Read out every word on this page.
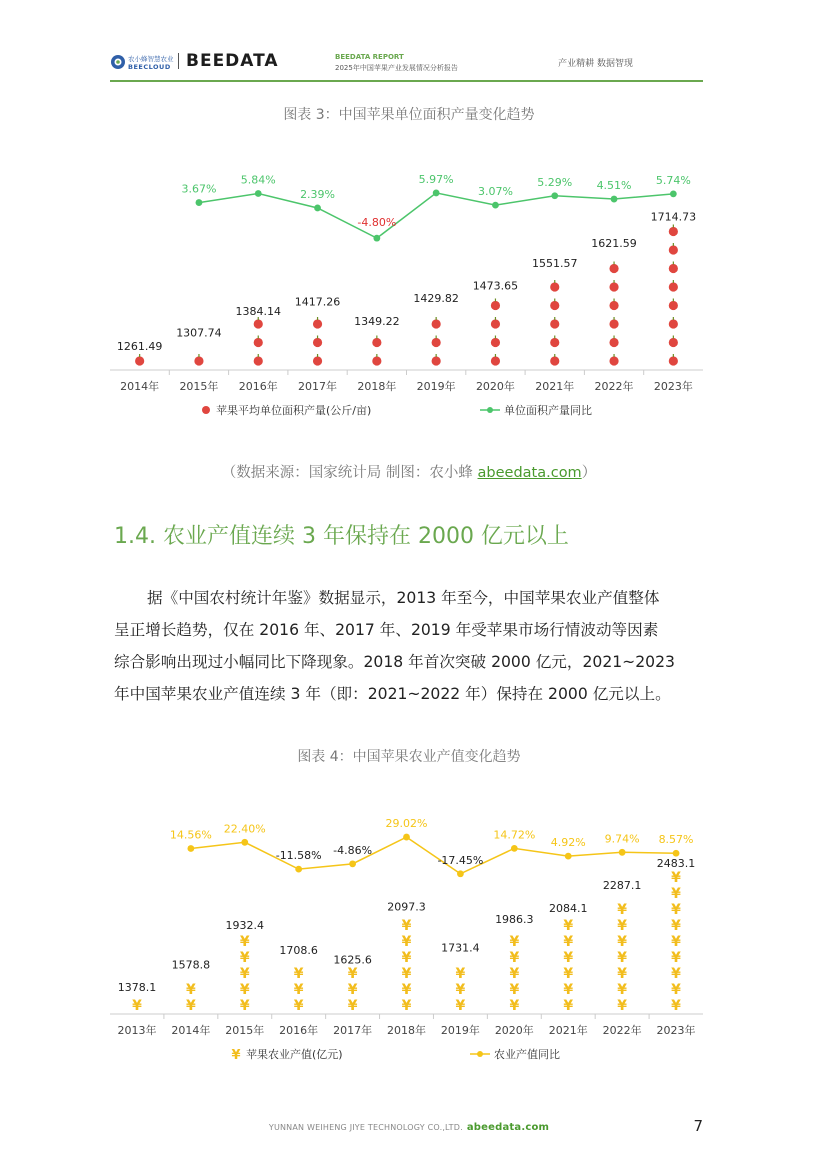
农小蜂智慧农业
BEECLOUD BEEDATA	BEEDATA REPORT
2025年中国苹果产业发展情况分析报告	产业精耕 数据智现
图表 3：中国苹果单位面积产量变化趋势
1261.49
1307.74
1384.14
1417.26
1349.22
1429.82
1473.65
1551.57
1621.59
1714.73
3.67%
5.84%
2.39%
-4.80%
5.97%
3.07%
5.29% 4.51% 5.74%
2014年 2015年 2016年 2017年 2018年 2019年 2020年 2021年 2022年 2023年
苹果平均单位面积产量(公斤/亩)	单位面积产量同比
（数据来源：国家统计局 制图：农小蜂 abeedata.com）
1.4. 农业产值连续 3 年保持在 2000 亿元以上
据《中国农村统计年鉴》数据显示，2013 年至今，中国苹果农业产值整体
呈正增长趋势，仅在 2016 年、2017 年、2019 年受苹果市场行情波动等因素
综合影响出现过小幅同比下降现象。2018 年首次突破 2000 亿元，2021~2023
年中国苹果农业产值连续 3 年（即：2021~2022 年）保持在 2000 亿元以上。
图表 4：中国苹果农业产值变化趋势
¥
1378.1
¥
¥
1578.8
¥
¥
¥
¥
¥
1932.4
¥
¥
¥
1708.6
¥
¥
¥
1625.6
¥
¥
¥
¥
¥
¥
2097.3
¥
¥
¥
1731.4
¥
¥
¥
¥
¥
1986.3
¥
¥
¥
¥
¥
¥
2084.1
¥
¥
¥
¥
¥
¥
¥
2287.1
¥
¥
¥
¥
¥
¥
¥
¥
¥
2483.1
14.56% 22.40%
-11.58% -4.86%
29.02%
-17.45%
14.72%
4.92% 9.74% 8.57%
2013年 2014年 2015年 2016年 2017年 2018年 2019年 2020年 2021年 2022年 2023年
¥ 苹果农业产值(亿元)	农业产值同比
YUNNAN WEIHENG JIYE TECHNOLOGY CO.,LTD. abeedata.com	7
